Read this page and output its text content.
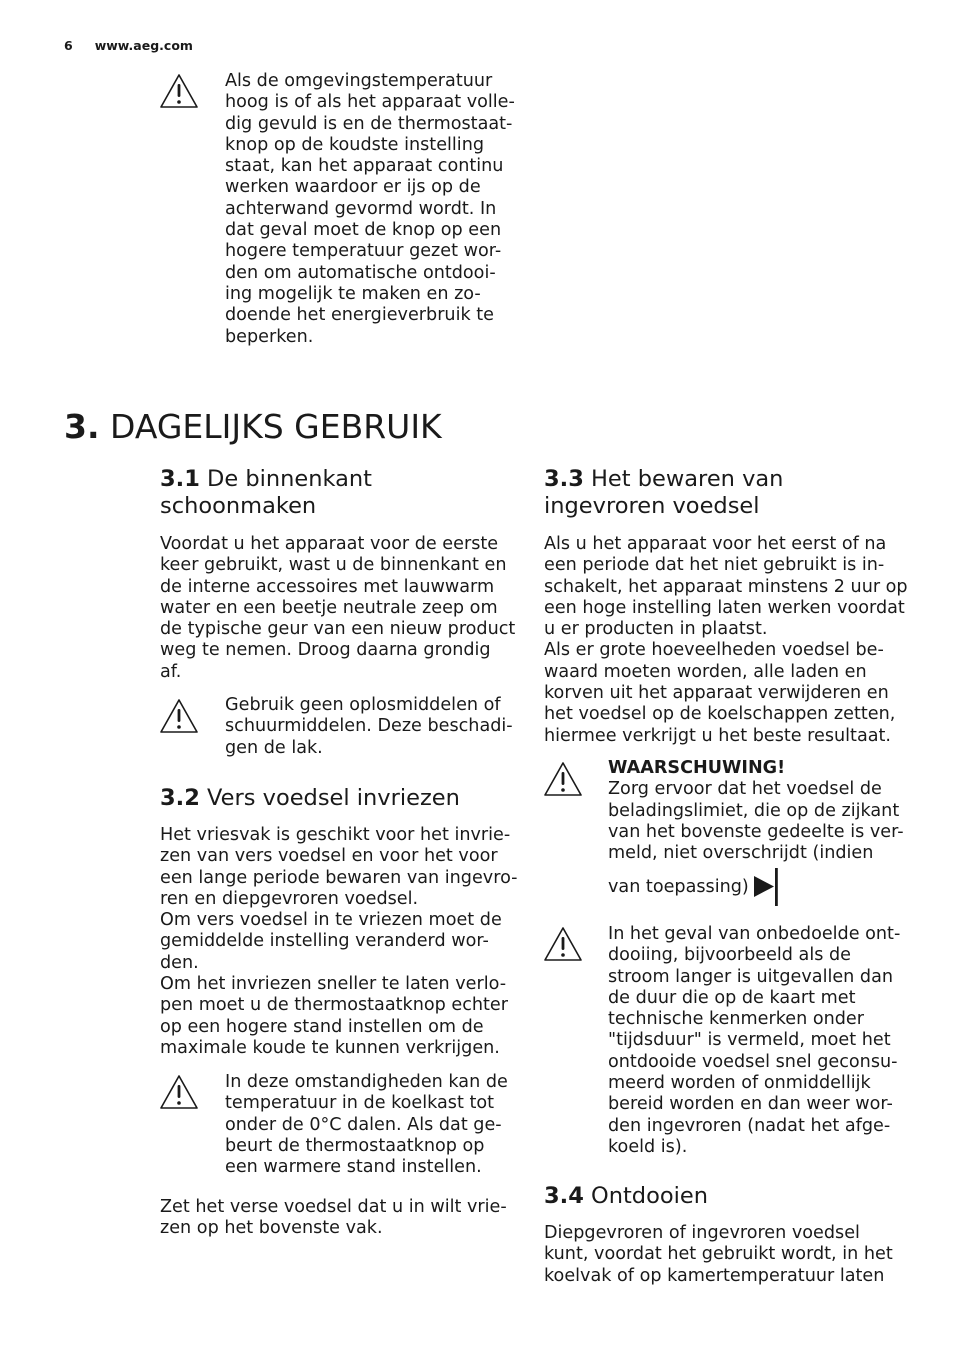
6 www.aeg.com
Als de omgevingstemperatuur
hoog is of als het apparaat volle-
dig gevuld is en de thermostaat-
knop op de koudste instelling
staat, kan het apparaat continu
werken waardoor er ijs op de
achterwand gevormd wordt. In
dat geval moet de knop op een
hogere temperatuur gezet wor-
den om automatische ontdooi-
ing mogelijk te maken en zo-
doende het energieverbruik te
beperken.
3. DAGELIJKS GEBRUIK
3.1 De binnenkant
schoonmaken
Voordat u het apparaat voor de eerste
keer gebruikt, wast u de binnenkant en
de interne accessoires met lauwwarm
water en een beetje neutrale zeep om
de typische geur van een nieuw product
weg te nemen. Droog daarna grondig
af.
Gebruik geen oplosmiddelen of
schuurmiddelen. Deze beschadi-
gen de lak.
3.2 Vers voedsel invriezen
Het vriesvak is geschikt voor het invrie-
zen van vers voedsel en voor het voor
een lange periode bewaren van ingevro-
ren en diepgevroren voedsel.
Om vers voedsel in te vriezen moet de
gemiddelde instelling veranderd wor-
den.
Om het invriezen sneller te laten verlo-
pen moet u de thermostaatknop echter
op een hogere stand instellen om de
maximale koude te kunnen verkrijgen.
In deze omstandigheden kan de
temperatuur in de koelkast tot
onder de 0°C dalen. Als dat ge-
beurt de thermostaatknop op
een warmere stand instellen.
Zet het verse voedsel dat u in wilt vrie-
zen op het bovenste vak.
3.3 Het bewaren van
ingevroren voedsel
Als u het apparaat voor het eerst of na
een periode dat het niet gebruikt is in-
schakelt, het apparaat minstens 2 uur op
een hoge instelling laten werken voordat
u er producten in plaatst.
Als er grote hoeveelheden voedsel be-
waard moeten worden, alle laden en
korven uit het apparaat verwijderen en
het voedsel op de koelschappen zetten,
hiermee verkrijgt u het beste resultaat.
WAARSCHUWING!
Zorg ervoor dat het voedsel de
beladingslimiet, die op de zijkant
van het bovenste gedeelte is ver-
meld, niet overschrijdt (indien
van toepassing)
In het geval van onbedoelde ont-
dooiing, bijvoorbeeld als de
stroom langer is uitgevallen dan
de duur die op de kaart met
technische kenmerken onder
"tijdsduur" is vermeld, moet het
ontdooide voedsel snel geconsu-
meerd worden of onmiddellijk
bereid worden en dan weer wor-
den ingevroren (nadat het afge-
koeld is).
3.4 Ontdooien
Diepgevroren of ingevroren voedsel
kunt, voordat het gebruikt wordt, in het
koelvak of op kamertemperatuur laten
